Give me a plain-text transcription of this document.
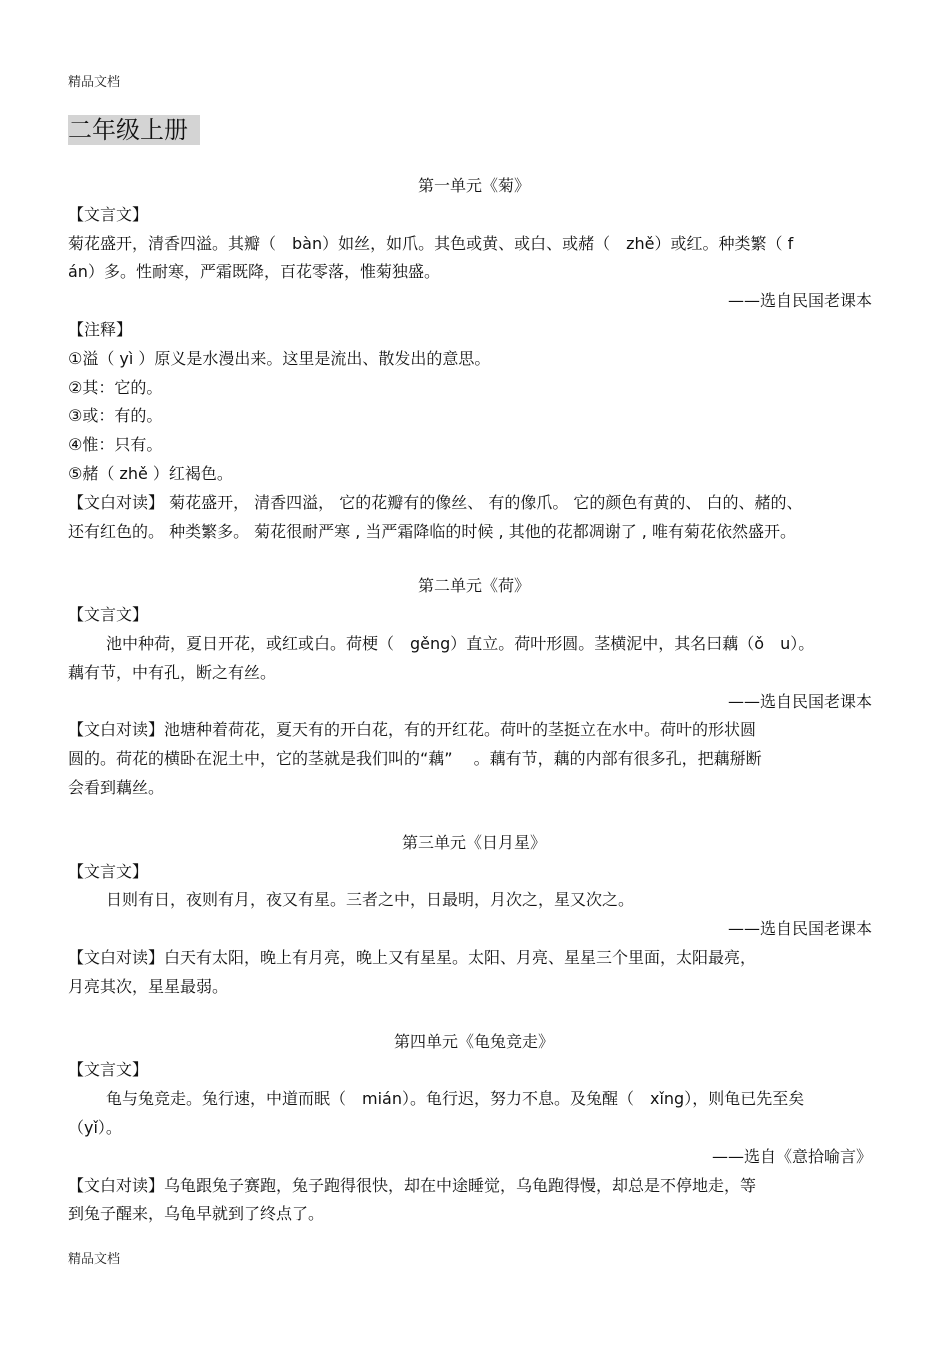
精品文档
二年级上册
第一单元《菊》
【文言文】
菊花盛开，清香四溢。其瓣（　bàn）如丝，如爪。其色或黄、或白、或赭（　zhě）或红。种类繁（ f
án）多。性耐寒，严霜既降，百花零落，惟菊独盛。
——选自民国老课本
【注释】
①溢（ yì ）原义是水漫出来。这里是流出、散发出的意思。
②其：它的。
③或：有的。
④惟：只有。
⑤赭（ zhě ）红褐色。
【文白对读】 菊花盛开， 清香四溢， 它的花瓣有的像丝、 有的像爪。 它的颜色有黄的、 白的、赭的、
还有红色的。 种类繁多。 菊花很耐严寒 , 当严霜降临的时候 , 其他的花都凋谢了 , 唯有菊花依然盛开。
第二单元《荷》
【文言文】
池中种荷，夏日开花，或红或白。荷梗（　gěng）直立。荷叶形圆。茎横泥中，其名曰藕（ǒ　u）。
藕有节，中有孔，断之有丝。
——选自民国老课本
【文白对读】池塘种着荷花，夏天有的开白花，有的开红花。荷叶的茎挺立在水中。荷叶的形状圆
圆的。荷花的横卧在泥土中，它的茎就是我们叫的“藕”　 。藕有节，藕的内部有很多孔，把藕掰断
会看到藕丝。
第三单元《日月星》
【文言文】
日则有日，夜则有月，夜又有星。三者之中，日最明，月次之，星又次之。
——选自民国老课本
【文白对读】白天有太阳，晚上有月亮，晚上又有星星。太阳、月亮、星星三个里面，太阳最亮，
月亮其次，星星最弱。
第四单元《龟兔竞走》
【文言文】
龟与兔竞走。兔行速，中道而眠（　mián）。龟行迟，努力不息。及兔醒（　xǐng），则龟已先至矣
（yǐ）。
——选自《意拾喻言》
【文白对读】乌龟跟兔子赛跑，兔子跑得很快，却在中途睡觉，乌龟跑得慢，却总是不停地走，等
到兔子醒来，乌龟早就到了终点了。
精品文档
